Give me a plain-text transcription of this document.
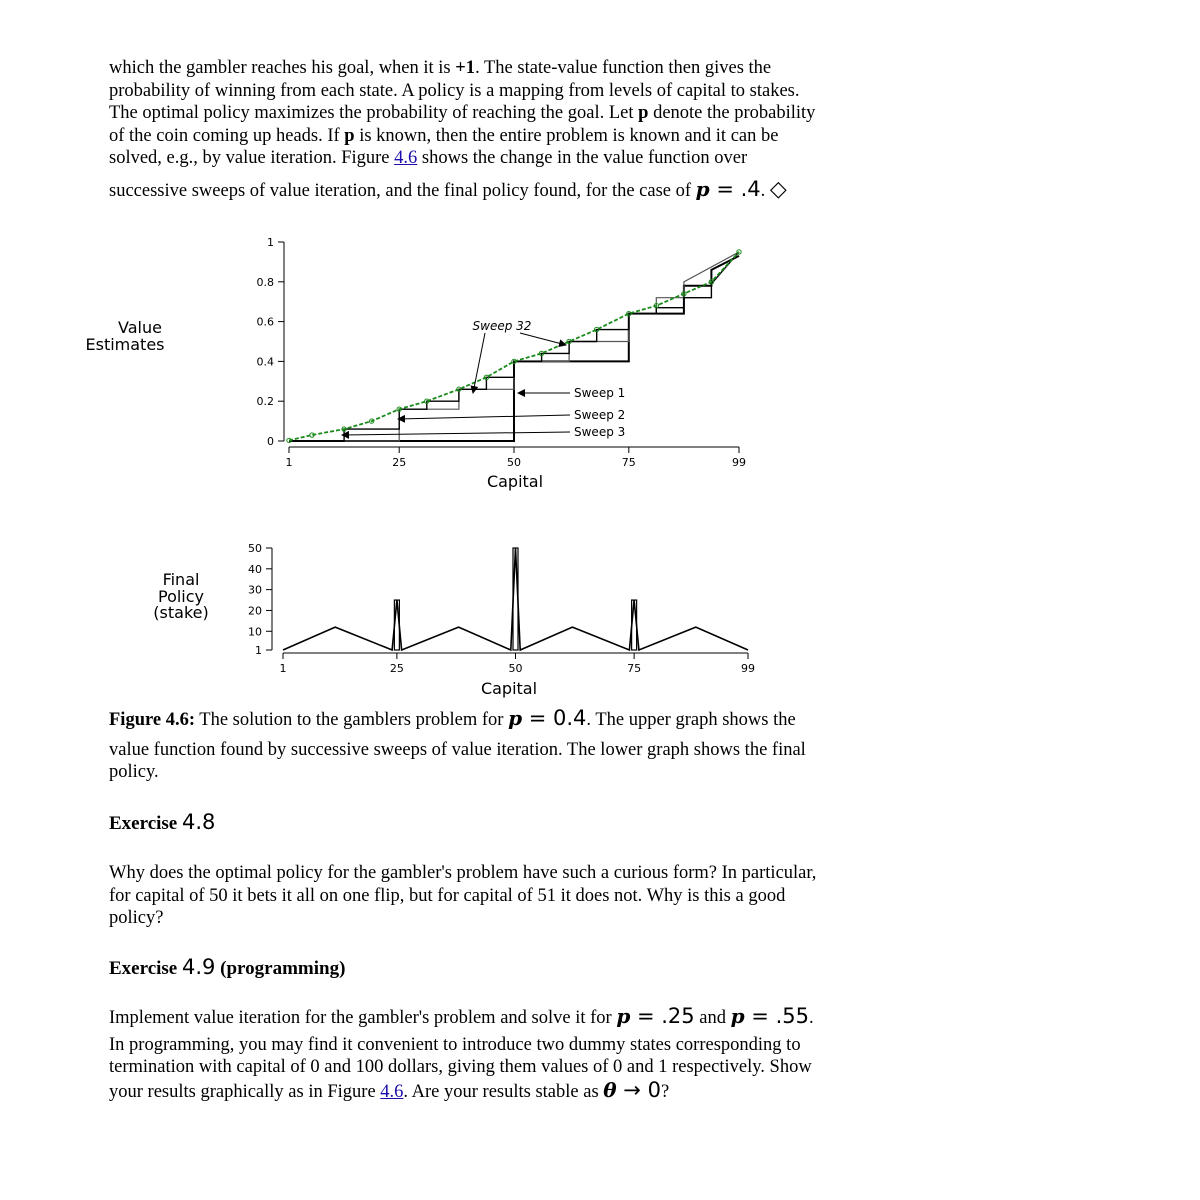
which the gambler reaches his goal, when it is +1. The state-value function then gives the
probability of winning from each state. A policy is a mapping from levels of capital to stakes.
The optimal policy maximizes the probability of reaching the goal. Let p denote the probability
of the coin coming up heads. If p is known, then the entire problem is known and it can be
solved, e.g., by value iteration. Figure 4.6 shows the change in the value function over
successive sweeps of value iteration, and the final policy found, for the case of p = .4. ◇
Value
Estimates
Capital
Sweep 32
Sweep 1
Sweep 2
Sweep 3
0
0.2
0.4
0.6
0.8
1
1	25	50	75	99
Final
Policy
(stake)
Capital
1
10
20
30
40
50
1	25	50	75	99
Figure 4.6: The solution to the gamblers problem for p = 0.4. The upper graph shows the
value function found by successive sweeps of value iteration. The lower graph shows the final
policy.
Exercise 4.8
Why does the optimal policy for the gambler's problem have such a curious form? In particular,
for capital of 50 it bets it all on one flip, but for capital of 51 it does not. Why is this a good
policy?
Exercise 4.9 (programming)
Implement value iteration for the gambler's problem and solve it for p = .25 and p = .55.
In programming, you may find it convenient to introduce two dummy states corresponding to
termination with capital of 0 and 100 dollars, giving them values of 0 and 1 respectively. Show
your results graphically as in Figure 4.6. Are your results stable as θ → 0?
